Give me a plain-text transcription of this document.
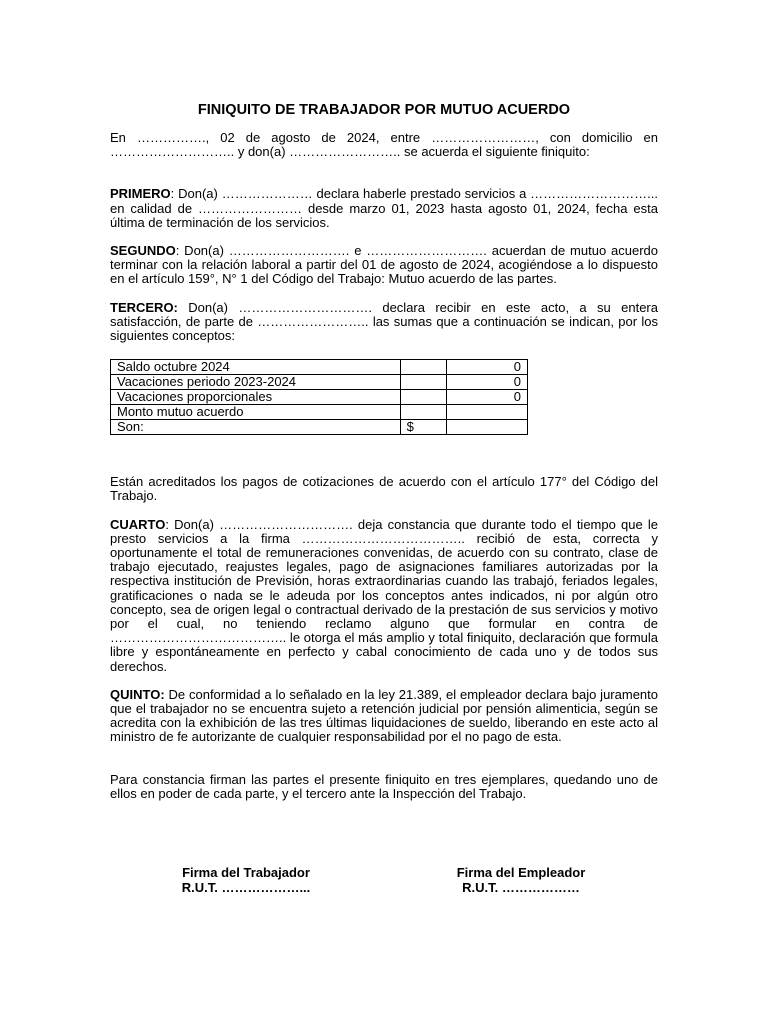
FINIQUITO DE TRABAJADOR POR MUTUO ACUERDO

En ……………., 02 de agosto de 2024, entre ……………………, con domicilio en ……………………….. y don(a) …………………….. se acuerda el siguiente finiquito:

PRIMERO: Don(a) ………………… declara haberle prestado servicios a ………………………... en calidad de …………………… desde marzo 01, 2023 hasta agosto 01, 2024, fecha esta última de terminación de los servicios.

SEGUNDO: Don(a) ………………………. e ………………………. acuerdan de mutuo acuerdo terminar con la relación laboral a partir del 01 de agosto de 2024, acogiéndose a lo dispuesto en el artículo 159°, N° 1 del Código del Trabajo: Mutuo acuerdo de las partes.

TERCERO: Don(a) …………………………. declara recibir en este acto, a su entera satisfacción, de parte de …………………….. las sumas que a continuación se indican, por los siguientes conceptos:

Saldo octubre 2024		0
Vacaciones periodo 2023-2024		0
Vacaciones proporcionales		0
Monto mutuo acuerdo		
Son:	$	

Están acreditados los pagos de cotizaciones de acuerdo con el artículo 177° del Código del Trabajo.

CUARTO: Don(a) …………………………. deja constancia que durante todo el tiempo que le presto servicios a la firma ……………………………….. recibió de esta, correcta y oportunamente el total de remuneraciones convenidas, de acuerdo con su contrato, clase de trabajo ejecutado, reajustes legales, pago de asignaciones familiares autorizadas por la respectiva institución de Previsión, horas extraordinarias cuando las trabajó, feriados legales, gratificaciones o nada se le adeuda por los conceptos antes indicados, ni por algún otro concepto, sea de origen legal o contractual derivado de la prestación de sus servicios y motivo por el cual, no teniendo reclamo alguno que formular en contra de ………………………………….. le otorga el más amplio y total finiquito, declaración que formula libre y espontáneamente en perfecto y cabal conocimiento de cada uno y de todos sus derechos.

QUINTO: De conformidad a lo señalado en la ley 21.389, el empleador declara bajo juramento que el trabajador no se encuentra sujeto a retención judicial por pensión alimenticia, según se acredita con la exhibición de las tres últimas liquidaciones de sueldo, liberando en este acto al ministro de fe autorizante de cualquier responsabilidad por el no pago de esta.

Para constancia firman las partes el presente finiquito en tres ejemplares, quedando uno de ellos en poder de cada parte, y el tercero ante la Inspección del Trabajo.

Firma del Trabajador
R.U.T. ………………...
Firma del Empleador
R.U.T. ………………
